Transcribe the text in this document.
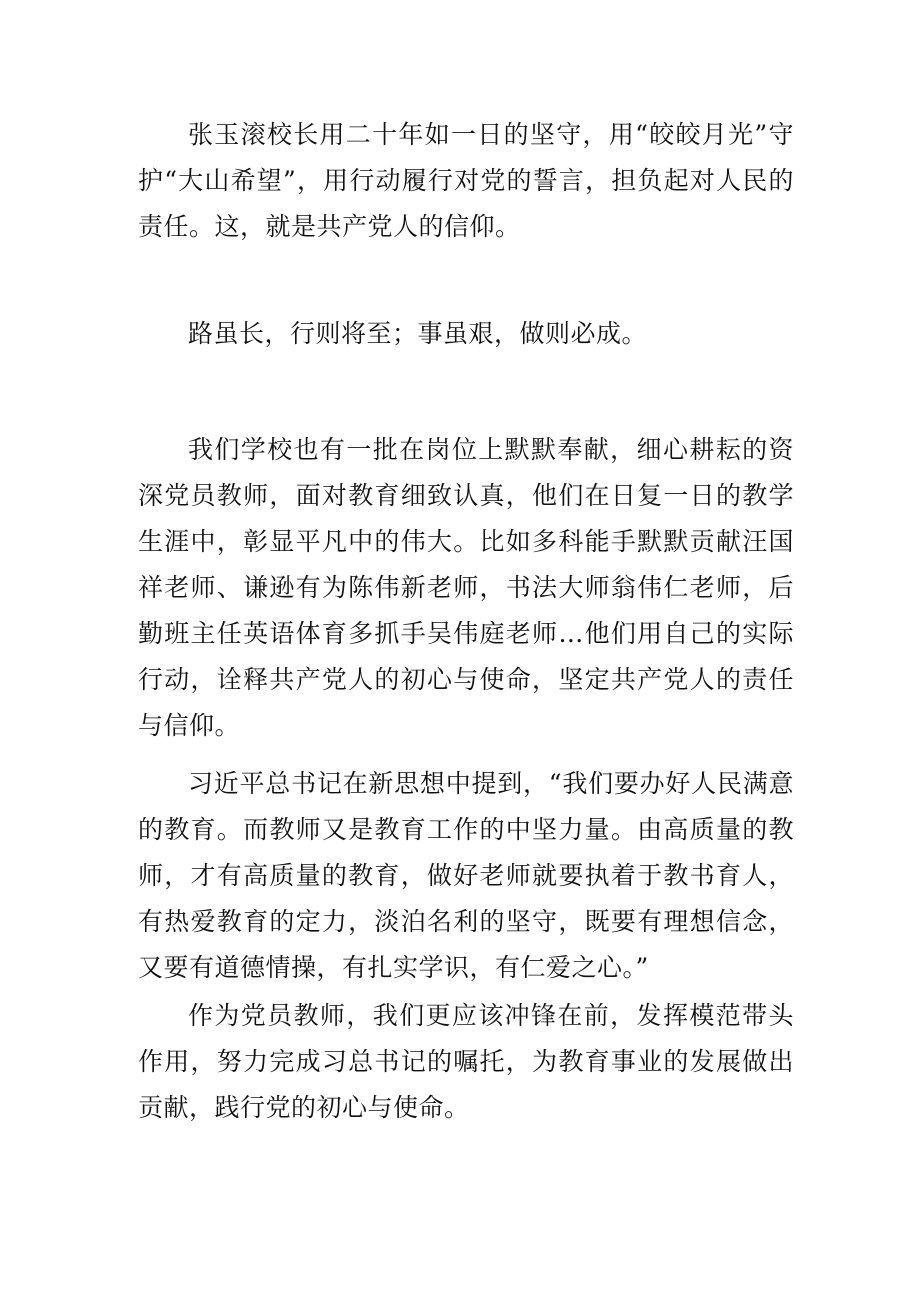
张玉滚校长用二十年如一日的坚守，用“皎皎月光”守护“大山希望”，用行动履行对党的誓言，担负起对人民的责任。这，就是共产党人的信仰。

路虽长，行则将至；事虽艰，做则必成。

我们学校也有一批在岗位上默默奉献，细心耕耘的资深党员教师，面对教育细致认真，他们在日复一日的教学生涯中，彰显平凡中的伟大。比如多科能手默默贡献汪国祥老师、谦逊有为陈伟新老师，书法大师翁伟仁老师，后勤班主任英语体育多抓手吴伟庭老师…他们用自己的实际行动，诠释共产党人的初心与使命，坚定共产党人的责任与信仰。

习近平总书记在新思想中提到，“我们要办好人民满意的教育。而教师又是教育工作的中坚力量。由高质量的教师，才有高质量的教育，做好老师就要执着于教书育人，有热爱教育的定力，淡泊名利的坚守，既要有理想信念，又要有道德情操，有扎实学识，有仁爱之心。”

作为党员教师，我们更应该冲锋在前，发挥模范带头作用，努力完成习总书记的嘱托，为教育事业的发展做出贡献，践行党的初心与使命。
